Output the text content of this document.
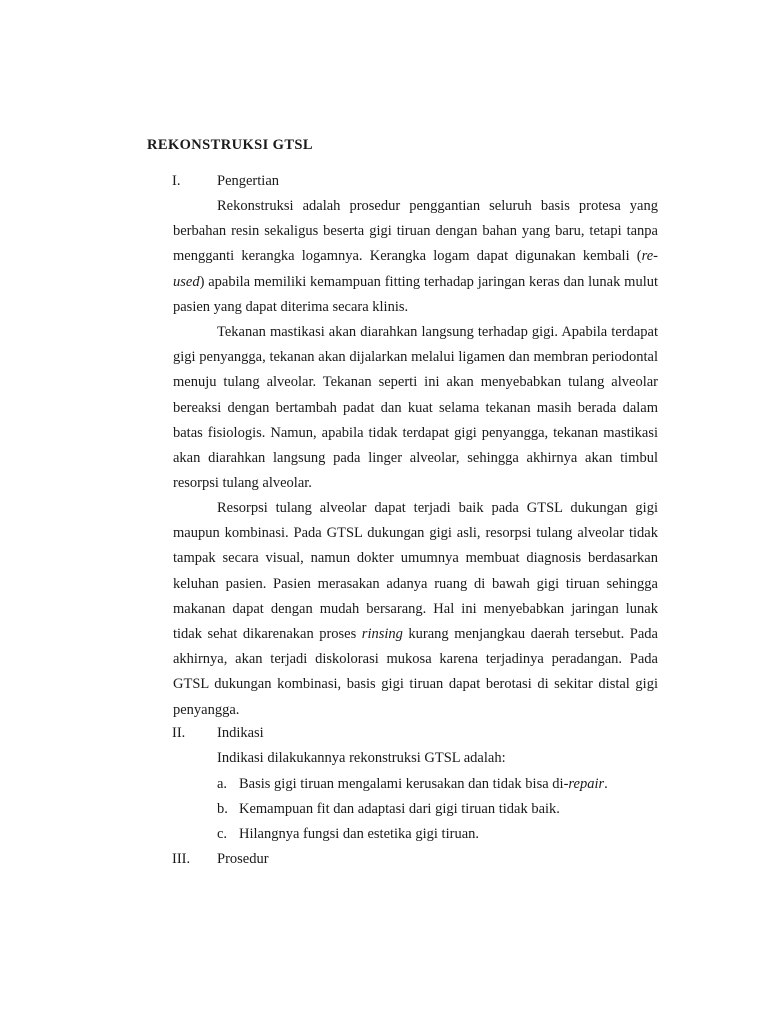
REKONSTRUKSI GTSL
I.	Pengertian

Rekonstruksi adalah prosedur penggantian seluruh basis protesa yang berbahan resin sekaligus beserta gigi tiruan dengan bahan yang baru, tetapi tanpa mengganti kerangka logamnya. Kerangka logam dapat digunakan kembali (re-used) apabila memiliki kemampuan fitting terhadap jaringan keras dan lunak mulut pasien yang dapat diterima secara klinis.

Tekanan mastikasi akan diarahkan langsung terhadap gigi. Apabila terdapat gigi penyangga, tekanan akan dijalarkan melalui ligamen dan membran periodontal menuju tulang alveolar. Tekanan seperti ini akan menyebabkan tulang alveolar bereaksi dengan bertambah padat dan kuat selama tekanan masih berada dalam batas fisiologis. Namun, apabila tidak terdapat gigi penyangga, tekanan mastikasi akan diarahkan langsung pada linger alveolar, sehingga akhirnya akan timbul resorpsi tulang alveolar.

Resorpsi tulang alveolar dapat terjadi baik pada GTSL dukungan gigi maupun kombinasi. Pada GTSL dukungan gigi asli, resorpsi tulang alveolar tidak tampak secara visual, namun dokter umumnya membuat diagnosis berdasarkan keluhan pasien. Pasien merasakan adanya ruang di bawah gigi tiruan sehingga makanan dapat dengan mudah bersarang. Hal ini menyebabkan jaringan lunak tidak sehat dikarenakan proses rinsing kurang menjangkau daerah tersebut. Pada akhirnya, akan terjadi diskolorasi mukosa karena terjadinya peradangan. Pada GTSL dukungan kombinasi, basis gigi tiruan dapat berotasi di sekitar distal gigi penyangga.

II. Indikasi

Indikasi dilakukannya rekonstruksi GTSL adalah:

a. Basis gigi tiruan mengalami kerusakan dan tidak bisa di-repair.
b. Kemampuan fit dan adaptasi dari gigi tiruan tidak baik.
c. Hilangnya fungsi dan estetika gigi tiruan.
III. Prosedur
